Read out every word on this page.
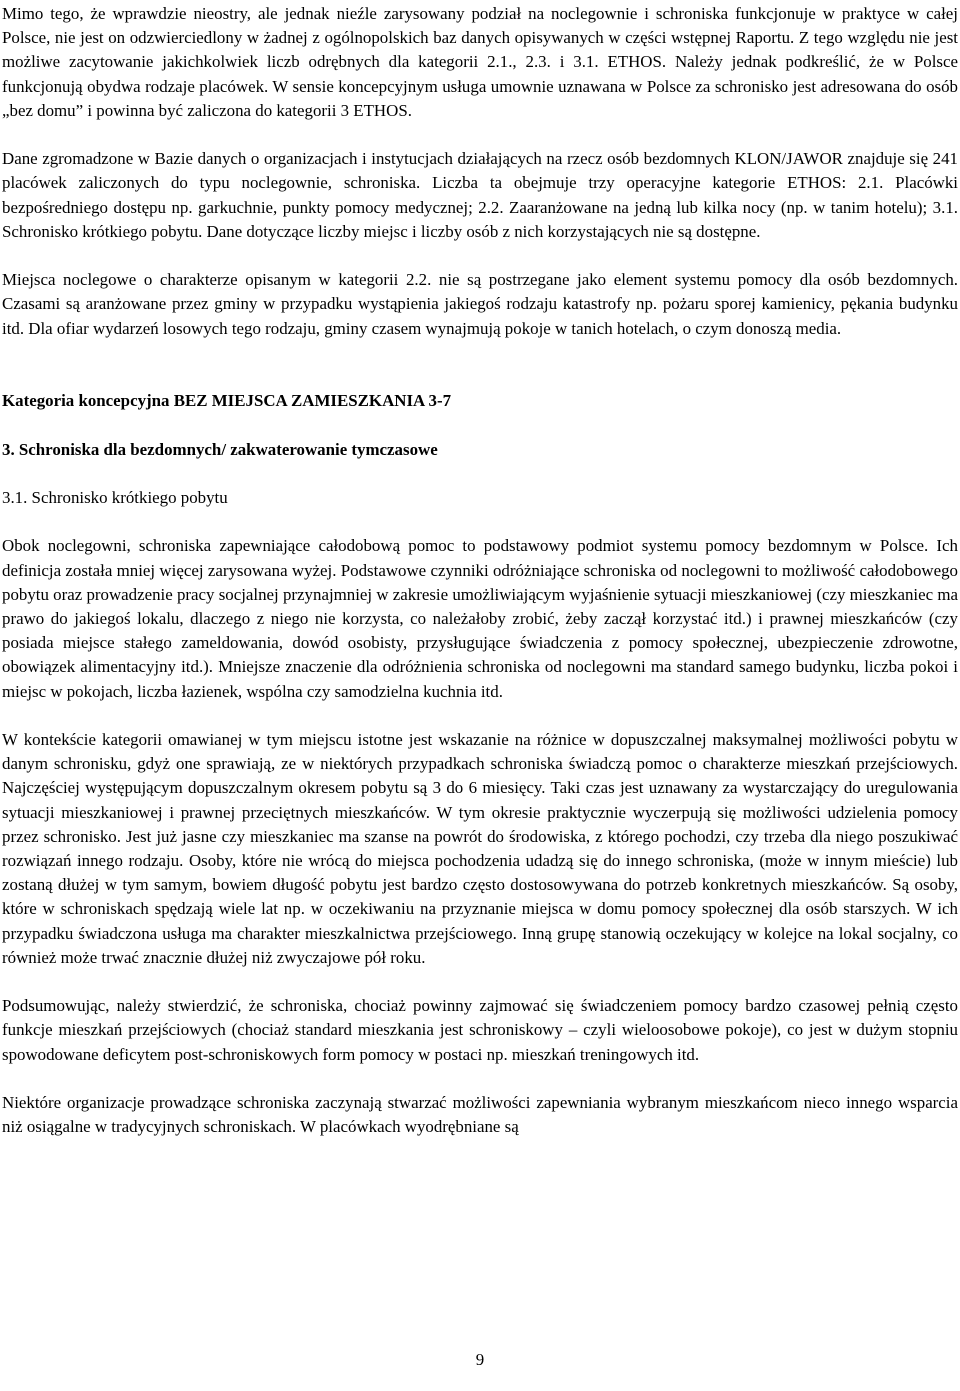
Mimo tego, że wprawdzie nieostry, ale jednak nieźle zarysowany podział na noclegownie i schroniska funkcjonuje w praktyce w całej Polsce, nie jest on odzwierciedlony w żadnej z ogólnopolskich baz danych opisywanych w części wstępnej Raportu. Z tego względu nie jest możliwe zacytowanie jakichkolwiek liczb odrębnych dla kategorii 2.1., 2.3. i 3.1. ETHOS. Należy jednak podkreślić, że w Polsce funkcjonują obydwa rodzaje placówek. W sensie koncepcyjnym usługa umownie uznawana w Polsce za schronisko jest adresowana do osób „bez domu” i powinna być zaliczona do kategorii 3 ETHOS.

Dane zgromadzone w Bazie danych o organizacjach i instytucjach działających na rzecz osób bezdomnych KLON/JAWOR znajduje się 241 placówek zaliczonych do typu noclegownie, schroniska. Liczba ta obejmuje trzy operacyjne kategorie ETHOS: 2.1. Placówki bezpośredniego dostępu np. garkuchnie, punkty pomocy medycznej; 2.2. Zaaranżowane na jedną lub kilka nocy (np. w tanim hotelu); 3.1. Schronisko krótkiego pobytu. Dane dotyczące liczby miejsc i liczby osób z nich korzystających nie są dostępne.

Miejsca noclegowe o charakterze opisanym w kategorii 2.2. nie są postrzegane jako element systemu pomocy dla osób bezdomnych. Czasami są aranżowane przez gminy w przypadku wystąpienia jakiegoś rodzaju katastrofy np. pożaru sporej kamienicy, pękania budynku itd. Dla ofiar wydarzeń losowych tego rodzaju, gminy czasem wynajmują pokoje w tanich hotelach, o czym donoszą media.

Kategoria koncepcyjna BEZ MIEJSCA ZAMIESZKANIA 3-7

3. Schroniska dla bezdomnych/ zakwaterowanie tymczasowe

3.1. Schronisko krótkiego pobytu

Obok noclegowni, schroniska zapewniające całodobową pomoc to podstawowy podmiot systemu pomocy bezdomnym w Polsce. Ich definicja została mniej więcej zarysowana wyżej. Podstawowe czynniki odróżniające schroniska od noclegowni to możliwość całodobowego pobytu oraz prowadzenie pracy socjalnej przynajmniej w zakresie umożliwiającym wyjaśnienie sytuacji mieszkaniowej (czy mieszkaniec ma prawo do jakiegoś lokalu, dlaczego z niego nie korzysta, co należałoby zrobić, żeby zaczął korzystać itd.) i prawnej mieszkańców (czy posiada miejsce stałego zameldowania, dowód osobisty, przysługujące świadczenia z pomocy społecznej, ubezpieczenie zdrowotne, obowiązek alimentacyjny itd.). Mniejsze znaczenie dla odróżnienia schroniska od noclegowni ma standard samego budynku, liczba pokoi i miejsc w pokojach, liczba łazienek, wspólna czy samodzielna kuchnia itd.

W kontekście kategorii omawianej w tym miejscu istotne jest wskazanie na różnice w dopuszczalnej maksymalnej możliwości pobytu w danym schronisku, gdyż one sprawiają, ze w niektórych przypadkach schroniska świadczą pomoc o charakterze mieszkań przejściowych. Najczęściej występującym dopuszczalnym okresem pobytu są 3 do 6 miesięcy. Taki czas jest uznawany za wystarczający do uregulowania sytuacji mieszkaniowej i prawnej przeciętnych mieszkańców. W tym okresie praktycznie wyczerpują się możliwości udzielenia pomocy przez schronisko. Jest już jasne czy mieszkaniec ma szanse na powrót do środowiska, z którego pochodzi, czy trzeba dla niego poszukiwać rozwiązań innego rodzaju. Osoby, które nie wrócą do miejsca pochodzenia udadzą się do innego schroniska, (może w innym mieście) lub zostaną dłużej w tym samym, bowiem długość pobytu jest bardzo często dostosowywana do potrzeb konkretnych mieszkańców. Są osoby, które w schroniskach spędzają wiele lat np. w oczekiwaniu na przyznanie miejsca w domu pomocy społecznej dla osób starszych. W ich przypadku świadczona usługa ma charakter mieszkalnictwa przejściowego. Inną grupę stanowią oczekujący w kolejce na lokal socjalny, co również może trwać znacznie dłużej niż zwyczajowe pół roku.

Podsumowując, należy stwierdzić, że schroniska, chociaż powinny zajmować się świadczeniem pomocy bardzo czasowej pełnią często funkcje mieszkań przejściowych (chociaż standard mieszkania jest schroniskowy – czyli wieloosobowe pokoje), co jest w dużym stopniu spowodowane deficytem post-schroniskowych form pomocy w postaci np. mieszkań treningowych itd.

Niektóre organizacje prowadzące schroniska zaczynają stwarzać możliwości zapewniania wybranym mieszkańcom nieco innego wsparcia niż osiągalne w tradycyjnych schroniskach. W placówkach wyodrębniane są

9
